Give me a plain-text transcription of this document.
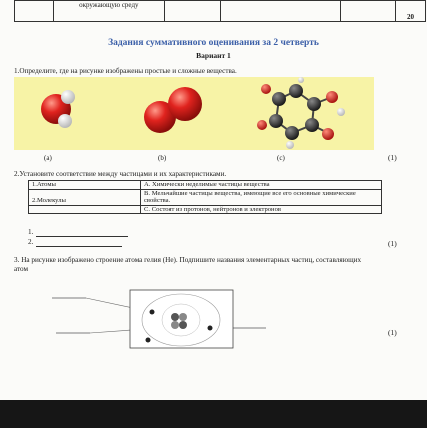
	окружающую среду				20
Задания суммативного оценивания за 2 четверть
Вариант 1
1.Определите, где на рисунке изображены простые и сложные вещества.
(a)	(b)	(c)	(1)
2.Установите соответствие между частицами и их характеристиками.
1.Атомы	A. Химически неделимые частицы вещества
2.Молекулы	B. Мельчайшие частицы вещества, имеющие все его основные химические свойства.
	C. Состоят из протонов, нейтронов и электронов
1.
2.	(1)
3. На рисунке изображено строение атома гелия (He). Подпишите названия элементарных частиц, составляющих атом
(1)
